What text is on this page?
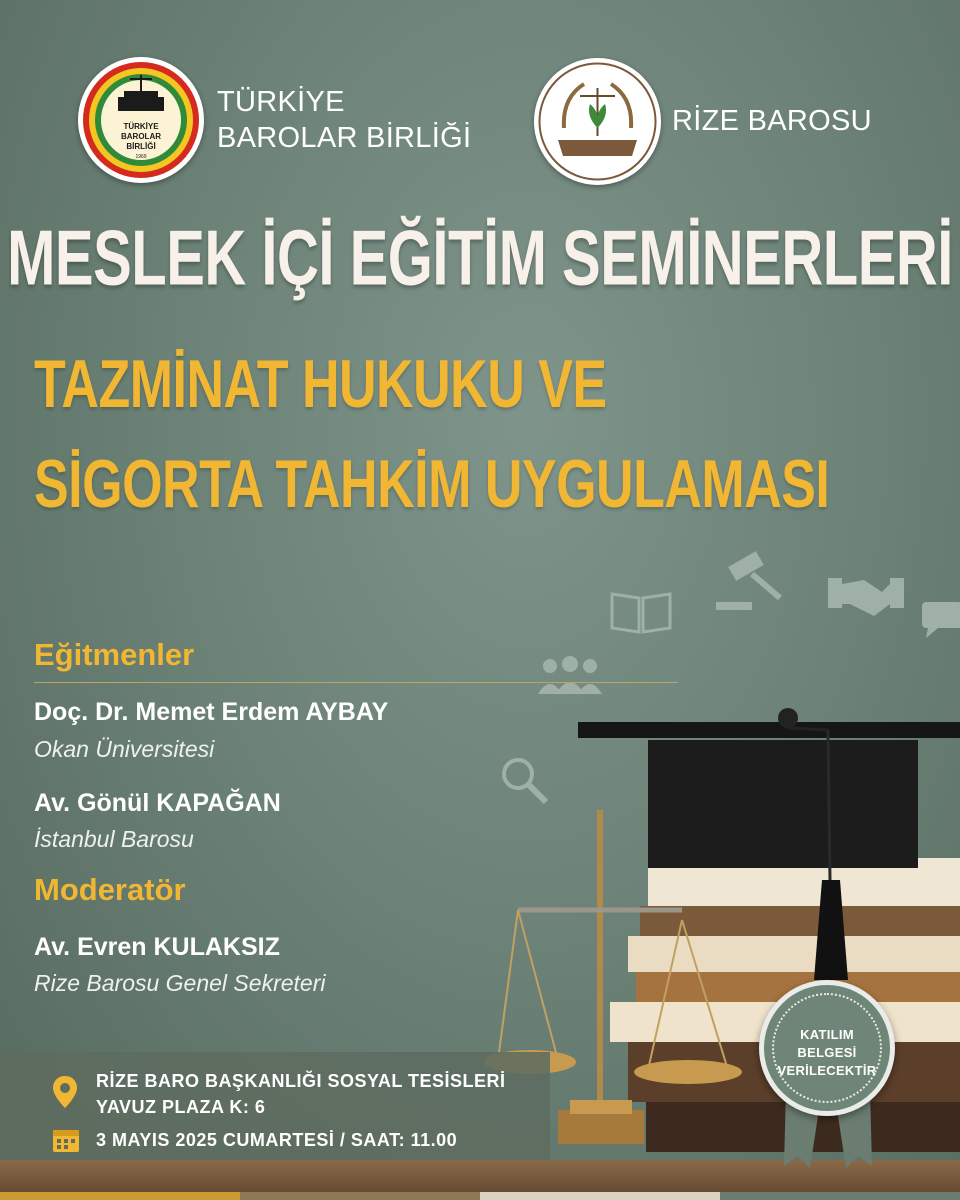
TÜRKİYE
BAROLAR
BİRLİĞİ
1969
TÜRKİYE
BAROLAR BİRLİĞİ
RİZE BAROSU
MESLEK İÇİ EĞİTİM SEMİNERLERİ
TAZMİNAT HUKUKU VE
SİGORTA TAHKİM UYGULAMASI
Eğitmenler
Doç. Dr. Memet Erdem AYBAY
Okan Üniversitesi
Av. Gönül KAPAĞAN
İstanbul Barosu
Moderatör
Av. Evren KULAKSIZ
Rize Barosu Genel Sekreteri
RİZE BARO BAŞKANLIĞI SOSYAL TESİSLERİ
YAVUZ PLAZA K: 6
3 MAYIS 2025 CUMARTESİ / SAAT: 11.00
KATILIM
BELGESİ
VERİLECEKTİR
